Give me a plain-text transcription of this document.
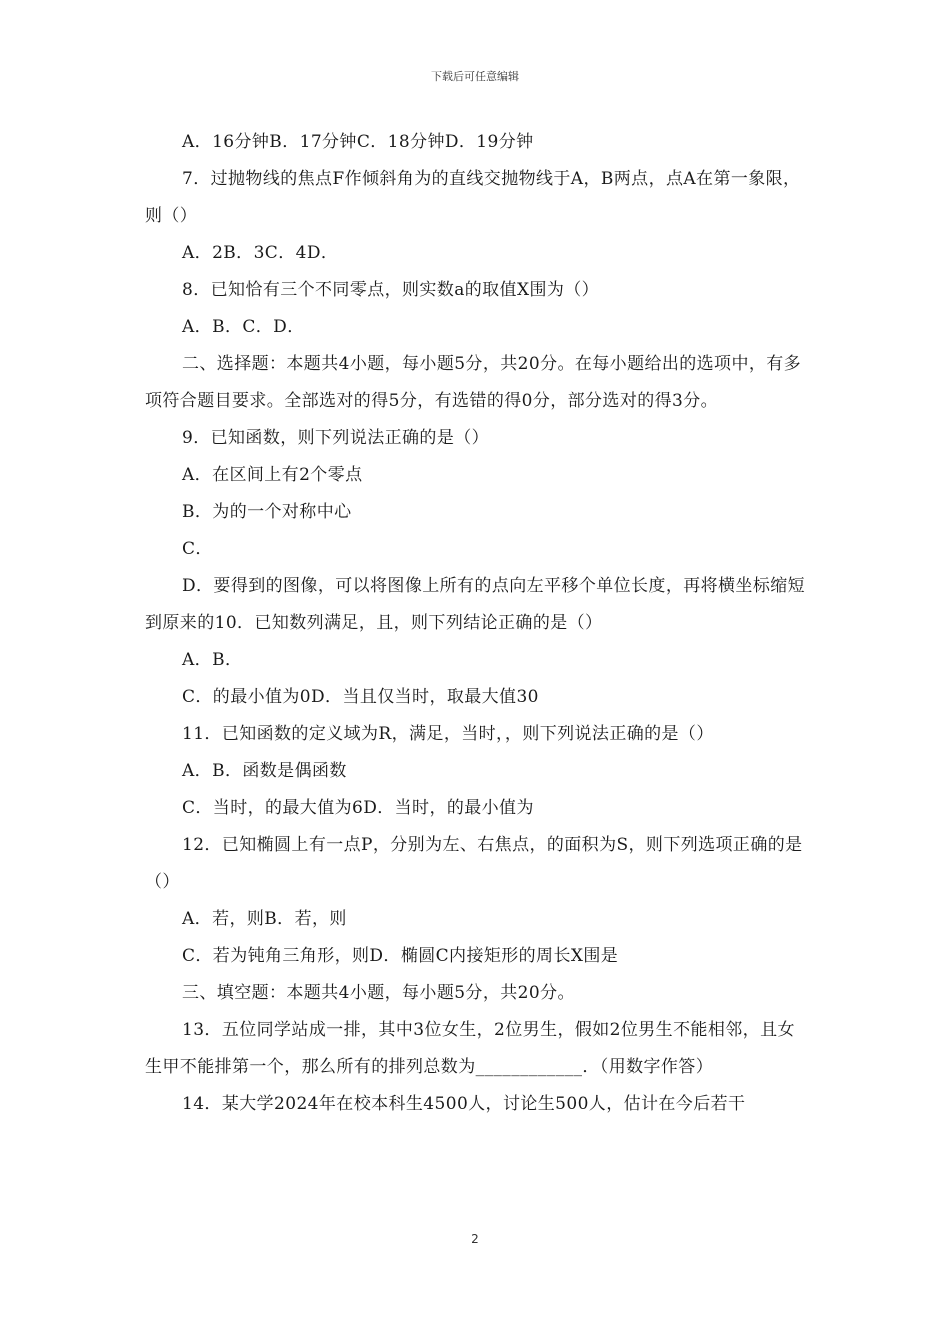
下载后可任意编辑

A．16分钟B．17分钟C．18分钟D．19分钟

7．过抛物线的焦点F作倾斜角为的直线交抛物线于A，B两点，点A在第一象限，则（）

A．2B．3C．4D．

8．已知恰有三个不同零点，则实数a的取值X围为（）

A．B．C．D．

二、选择题：本题共4小题，每小题5分，共20分。在每小题给出的选项中，有多项符合题目要求。全部选对的得5分，有选错的得0分，部分选对的得3分。

9．已知函数，则下列说法正确的是（）

A．在区间上有2个零点

B．为的一个对称中心

C．

D．要得到的图像，可以将图像上所有的点向左平移个单位长度，再将横坐标缩短到原来的10．已知数列满足，且，则下列结论正确的是（）

A．B．

C．的最小值为0D．当且仅当时，取最大值30

11．已知函数的定义域为R，满足，当时，，则下列说法正确的是（）

A．B．函数是偶函数

C．当时，的最大值为6D．当时，的最小值为

12．已知椭圆上有一点P，分别为左、右焦点，的面积为S，则下列选项正确的是（）

A．若，则B．若，则

C．若为钝角三角形，则D．椭圆C内接矩形的周长X围是

三、填空题：本题共4小题，每小题5分，共20分。

13．五位同学站成一排，其中3位女生，2位男生，假如2位男生不能相邻，且女生甲不能排第一个，那么所有的排列总数为____________．（用数字作答）

14．某大学2024年在校本科生4500人，讨论生500人，估计在今后若干

2
